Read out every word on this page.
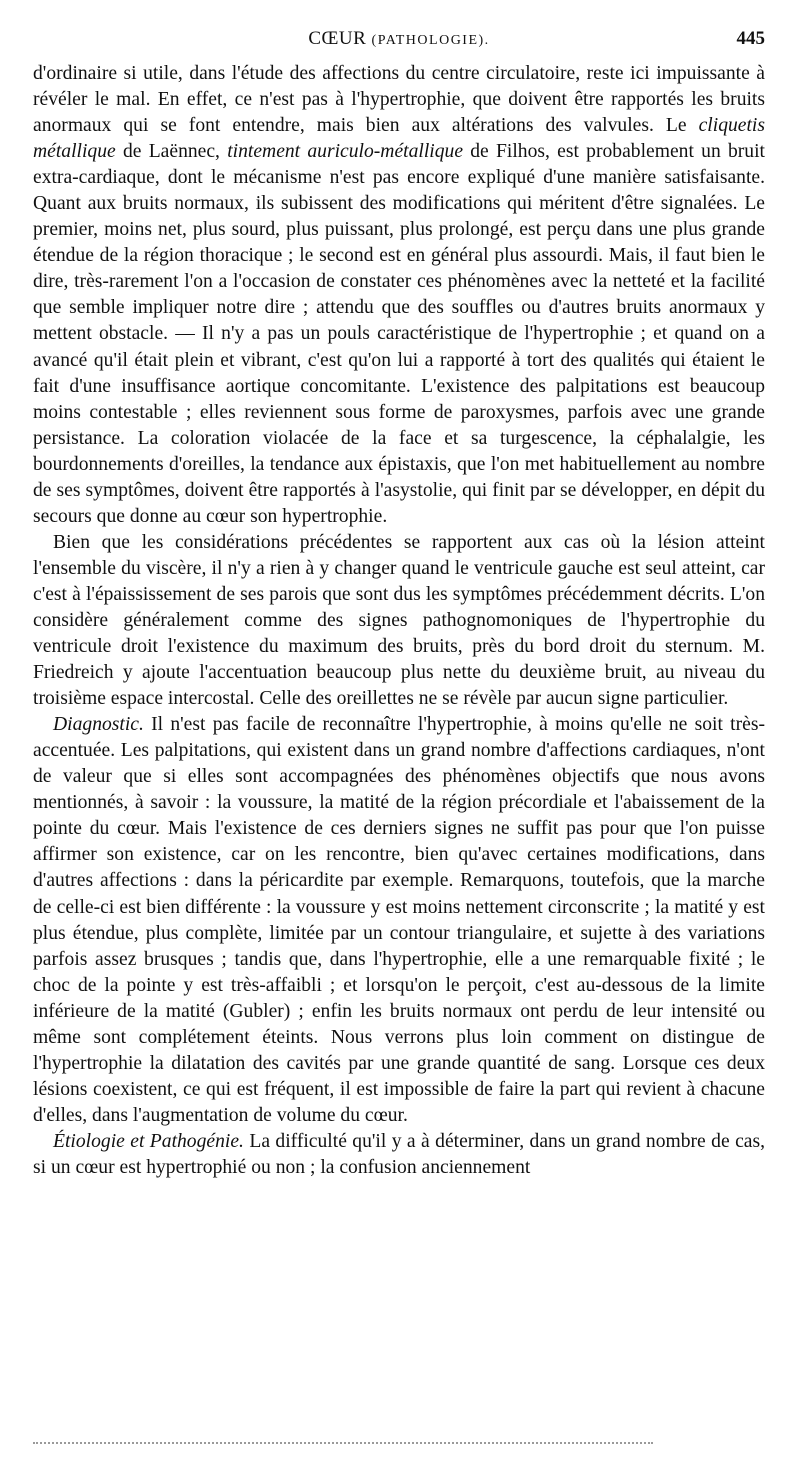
CŒUR (PATHOLOGIE).	445

d'ordinaire si utile, dans l'étude des affections du centre circulatoire, reste ici impuissante à révéler le mal. En effet, ce n'est pas à l'hypertrophie, que doivent être rapportés les bruits anormaux qui se font entendre, mais bien aux altérations des valvules. Le cliquetis métallique de Laënnec, tintement auriculo-métallique de Filhos, est probablement un bruit extra-cardiaque, dont le mécanisme n'est pas encore expliqué d'une manière satisfaisante. Quant aux bruits normaux, ils subissent des modifications qui méritent d'être signalées. Le premier, moins net, plus sourd, plus puissant, plus prolongé, est perçu dans une plus grande étendue de la région thoracique ; le second est en général plus assourdi. Mais, il faut bien le dire, très-rarement l'on a l'occasion de constater ces phénomènes avec la netteté et la facilité que semble impliquer notre dire ; attendu que des souffles ou d'autres bruits anormaux y mettent obstacle. — Il n'y a pas un pouls caractéristique de l'hypertrophie ; et quand on a avancé qu'il était plein et vibrant, c'est qu'on lui a rapporté à tort des qualités qui étaient le fait d'une insuffisance aortique concomitante. L'existence des palpitations est beaucoup moins contestable ; elles reviennent sous forme de paroxysmes, parfois avec une grande persistance. La coloration violacée de la face et sa turgescence, la céphalalgie, les bourdonnements d'oreilles, la tendance aux épistaxis, que l'on met habituellement au nombre de ses symptômes, doivent être rapportés à l'asystolie, qui finit par se développer, en dépit du secours que donne au cœur son hypertrophie.

Bien que les considérations précédentes se rapportent aux cas où la lésion atteint l'ensemble du viscère, il n'y a rien à y changer quand le ventricule gauche est seul atteint, car c'est à l'épaississement de ses parois que sont dus les symptômes précédemment décrits. L'on considère généralement comme des signes pathognomoniques de l'hypertrophie du ventricule droit l'existence du maximum des bruits, près du bord droit du sternum. M. Friedreich y ajoute l'accentuation beaucoup plus nette du deuxième bruit, au niveau du troisième espace intercostal. Celle des oreillettes ne se révèle par aucun signe particulier.

Diagnostic. Il n'est pas facile de reconnaître l'hypertrophie, à moins qu'elle ne soit très-accentuée. Les palpitations, qui existent dans un grand nombre d'affections cardiaques, n'ont de valeur que si elles sont accompagnées des phénomènes objectifs que nous avons mentionnés, à savoir : la voussure, la matité de la région précordiale et l'abaissement de la pointe du cœur. Mais l'existence de ces derniers signes ne suffit pas pour que l'on puisse affirmer son existence, car on les rencontre, bien qu'avec certaines modifications, dans d'autres affections : dans la péricardite par exemple. Remarquons, toutefois, que la marche de celle-ci est bien différente : la voussure y est moins nettement circonscrite ; la matité y est plus étendue, plus complète, limitée par un contour triangulaire, et sujette à des variations parfois assez brusques ; tandis que, dans l'hypertrophie, elle a une remarquable fixité ; le choc de la pointe y est très-affaibli ; et lorsqu'on le perçoit, c'est au-dessous de la limite inférieure de la matité (Gubler) ; enfin les bruits normaux ont perdu de leur intensité ou même sont complétement éteints. Nous verrons plus loin comment on distingue de l'hypertrophie la dilatation des cavités par une grande quantité de sang. Lorsque ces deux lésions coexistent, ce qui est fréquent, il est impossible de faire la part qui revient à chacune d'elles, dans l'augmentation de volume du cœur.

Étiologie et Pathogénie. La difficulté qu'il y a à déterminer, dans un grand nombre de cas, si un cœur est hypertrophié ou non ; la confusion anciennement
